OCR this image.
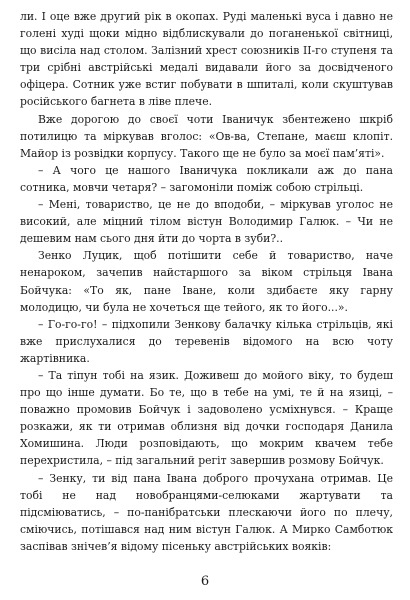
ли. І оце вже другий рік в окопах. Руді маленькі вуса і давно не голені худі щоки мідно відблискували до поганенької світниці, що висіла над столом. Залізний хрест союзників ІІ-го ступеня та три срібні австрійські медалі видавали його за досвідченого офіцера. Сотник уже встиг побувати в шпиталі, коли скуштував російського багнета в ліве плече.

Вже дорогою до своєї чоти Іваничук збентежено шкріб потилицю та міркував вголос: «Ов-ва, Степане, маєш клопіт. Майор із розвідки корпусу. Такого ще не було за моєї пам’яті».

– А чого це нашого Іваничука покликали аж до пана сотника, мовчи четаря? – загомоніли поміж собою стрільці.

– Мені, товариство, це не до вподоби, – міркував уголос не високий, але міцний тілом вістун Володимир Галюк. – Чи не дешевим нам сього дня йти до чорта в зуби?..

Зенко Луцик, щоб потішити себе й товариство, наче ненароком, зачепив найстаршого за віком стрільця Івана Бойчука: «То як, пане Іване, коли здибаєте яку гарну молодицю, чи була не хочеться ще тейого, як то його...».

– Го-го-го! – підхопили Зенкову балачку кілька стрільців, які вже прислухалися до теревенів відомого на всю чоту жартівника.

– Та тіпун тобі на язик. Доживеш до мойого віку, то будеш про що інше думати. Бо те, що в тебе на умі, те й на язиці, – поважно промовив Бойчук і задоволено усміхнувся. – Краще розкажи, як ти отримав облизня від дочки господаря Данила Хомишина. Люди розповідають, що мокрим квачем тебе перехристила, – під загальний регіт завершив розмову Бойчук.

– Зенку, ти від пана Івана доброго прочухана отримав. Це тобі не над новобранцями-селюками жартувати та підсміюватись, – по-панібратськи плескаючи його по плечу, сміючись, потішався над ним вістун Галюк. А Мирко Самботюк заспівав знічев’я відому пісеньку австрійських вояків:

6
